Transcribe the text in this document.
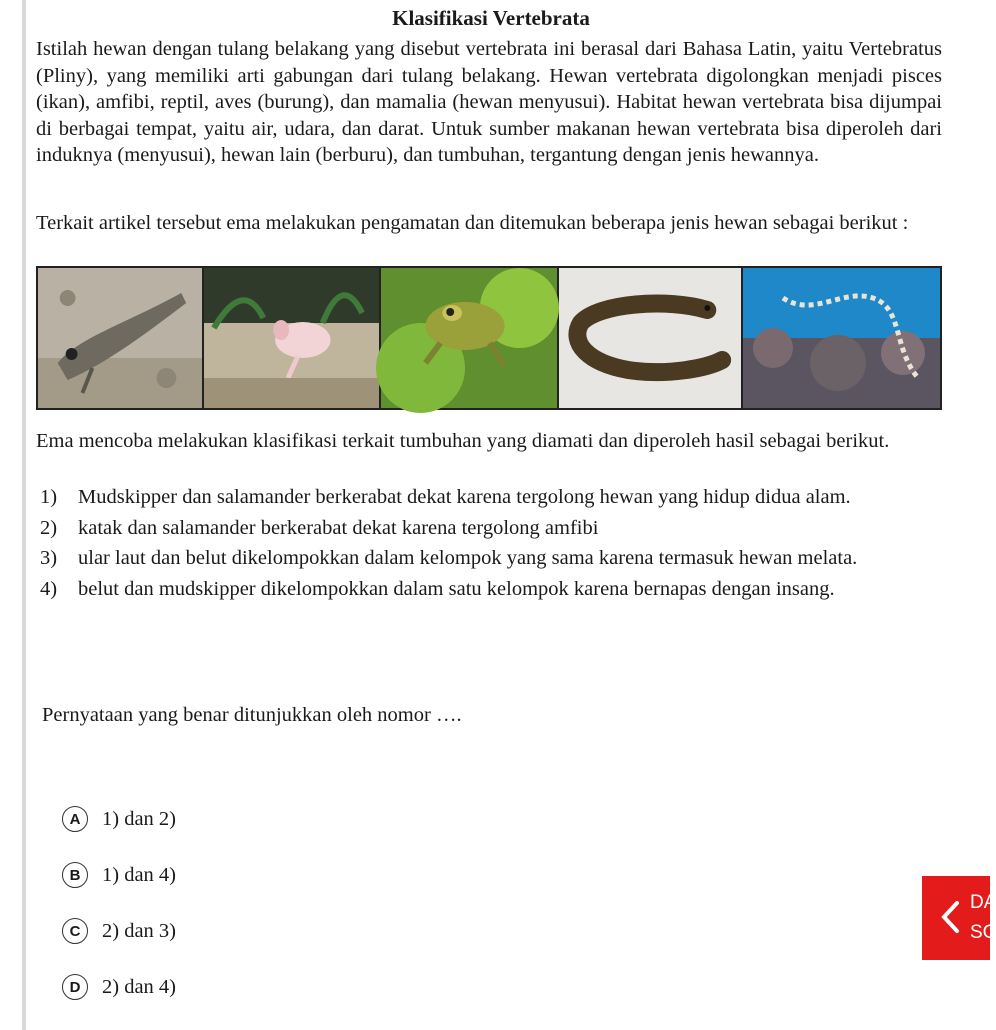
Klasifikasi Vertebrata
Istilah hewan dengan tulang belakang yang disebut vertebrata ini berasal dari Bahasa Latin, yaitu Vertebratus (Pliny), yang memiliki arti gabungan dari tulang belakang. Hewan vertebrata digolongkan menjadi pisces (ikan), amfibi, reptil, aves (burung), dan mamalia (hewan menyusui). Habitat hewan vertebrata bisa dijumpai di berbagai tempat, yaitu air, udara, dan darat. Untuk sumber makanan hewan vertebrata bisa diperoleh dari induknya (menyusui), hewan lain (berburu), dan tumbuhan, tergantung dengan jenis hewannya.
Terkait artikel tersebut ema melakukan pengamatan dan ditemukan beberapa jenis hewan sebagai berikut :
Ema mencoba melakukan klasifikasi terkait tumbuhan yang diamati dan diperoleh hasil sebagai berikut.
1)	Mudskipper dan salamander berkerabat dekat karena tergolong hewan yang hidup didua alam.
2)	katak dan salamander berkerabat dekat karena tergolong amfibi
3)	ular laut dan belut dikelompokkan dalam kelompok yang sama karena termasuk hewan melata.
4)	belut dan mudskipper dikelompokkan dalam satu kelompok karena bernapas dengan insang.
Pernyataan yang benar ditunjukkan oleh nomor ….
A	1) dan 2)
B	1) dan 4)
C	2) dan 3)
D	2) dan 4)
DA
SC
